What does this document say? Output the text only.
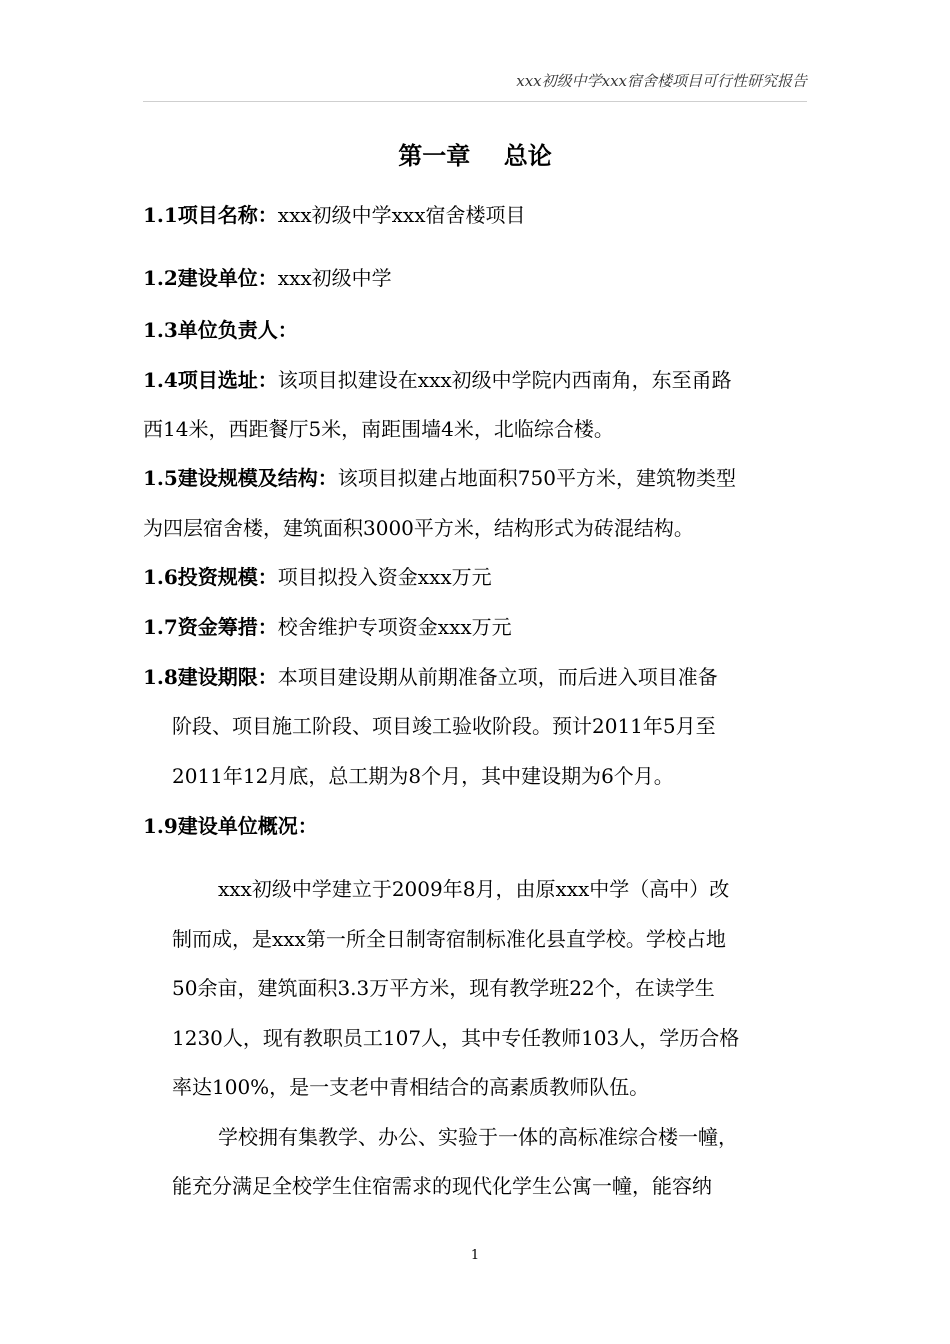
xxx初级中学xxx宿舍楼项目可行性研究报告
第一章    总论
1.1项目名称：xxx初级中学xxx宿舍楼项目
1.2建设单位：xxx初级中学
1.3单位负责人：
1.4项目选址：该项目拟建设在xxx初级中学院内西南角，东至甬路
西14米，西距餐厅5米，南距围墙4米，北临综合楼。
1.5建设规模及结构：该项目拟建占地面积750平方米，建筑物类型
为四层宿舍楼，建筑面积3000平方米，结构形式为砖混结构。
1.6投资规模：项目拟投入资金xxx万元
1.7资金筹措：校舍维护专项资金xxx万元
1.8建设期限：本项目建设期从前期准备立项，而后进入项目准备
阶段、项目施工阶段、项目竣工验收阶段。预计2011年5月至
2011年12月底，总工期为8个月，其中建设期为6个月。
1.9建设单位概况：
xxx初级中学建立于2009年8月，由原xxx中学（高中）改
制而成，是xxx第一所全日制寄宿制标准化县直学校。学校占地
50余亩，建筑面积3.3万平方米，现有教学班22个，在读学生
1230人，现有教职员工107人，其中专任教师103人，学历合格
率达100%，是一支老中青相结合的高素质教师队伍。
学校拥有集教学、办公、实验于一体的高标准综合楼一幢，
能充分满足全校学生住宿需求的现代化学生公寓一幢，能容纳
1
